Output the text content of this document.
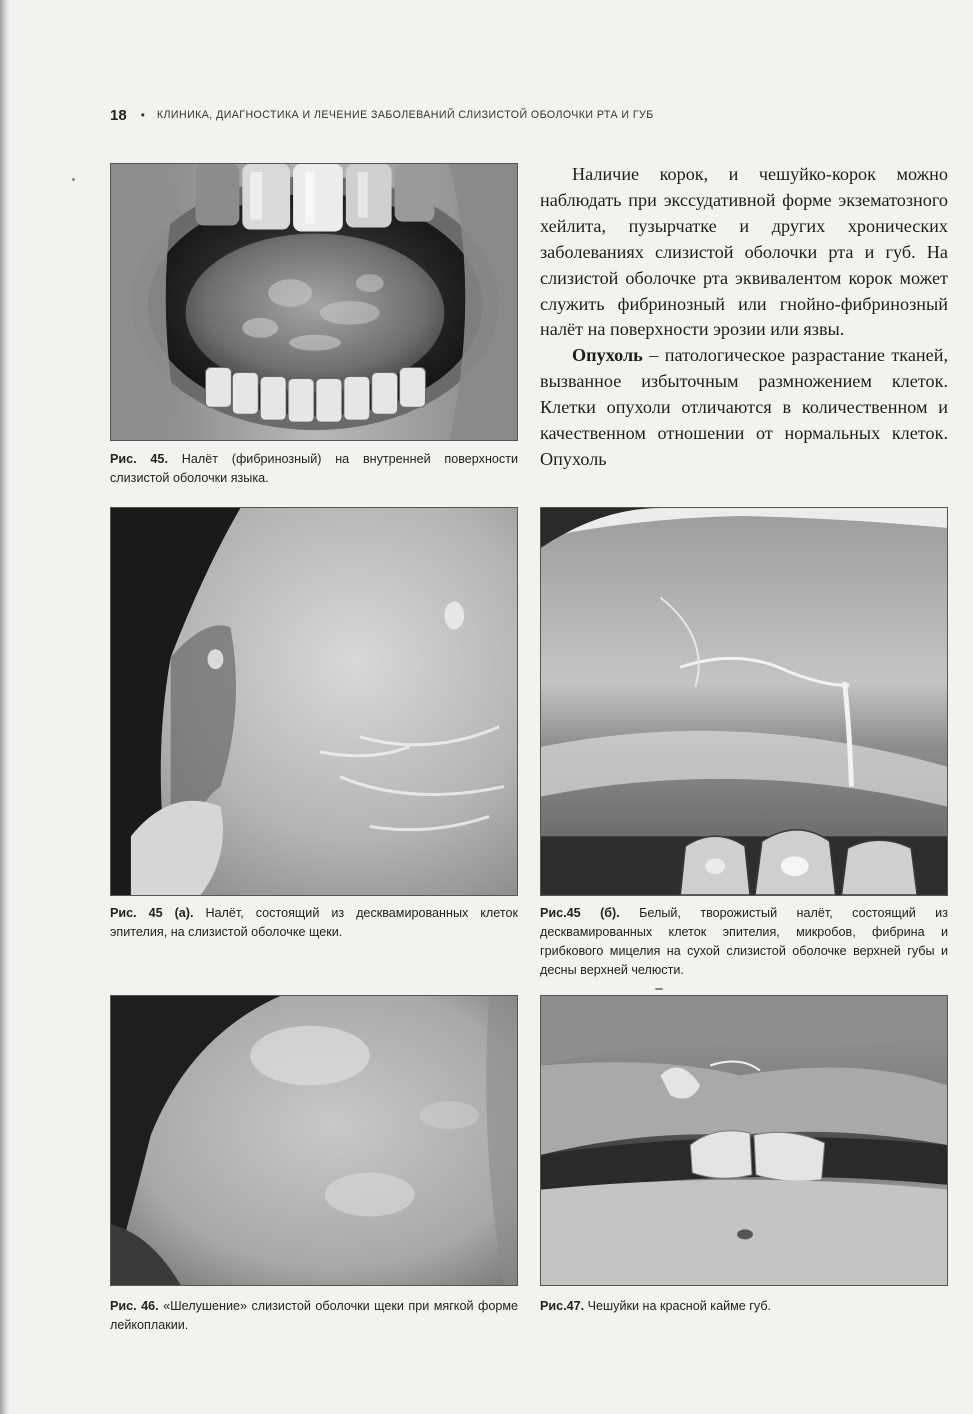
18 • КЛИНИКА, ДИАГНОСТИКА И ЛЕЧЕНИЕ ЗАБОЛЕВАНИЙ СЛИЗИСТОЙ ОБОЛОЧКИ РТА И ГУБ
Рис. 45. Налёт (фибринозный) на внутренней поверхности слизистой оболочки языка.

Наличие корок, и чешуйко-корок можно наблюдать при экссудативной форме экзематозного хейлита, пузырчатке и других хронических заболеваниях слизистой оболочки рта и губ. На слизистой оболочке рта эквивалентом корок может служить фибринозный или гнойно-фибринозный налёт на поверхности эрозии или язвы.

Опухоль – патологическое разрастание тканей, вызванное избыточным размножением клеток. Клетки опухоли отличаются в количественном и качественном отношении от нормальных клеток. Опухоль

Рис. 45 (а). Налёт, состоящий из десквамированных клеток эпителия, на слизистой оболочке щеки.
Рис.45 (б). Белый, творожистый налёт, состоящий из десквамированных клеток эпителия, микробов, фибрина и грибкового мицелия на сухой слизистой оболочке верхней губы и десны верхней челюсти.
Рис. 46. «Шелушение» слизистой оболочки щеки при мягкой форме лейкоплакии.
Рис.47. Чешуйки на красной кайме губ.
